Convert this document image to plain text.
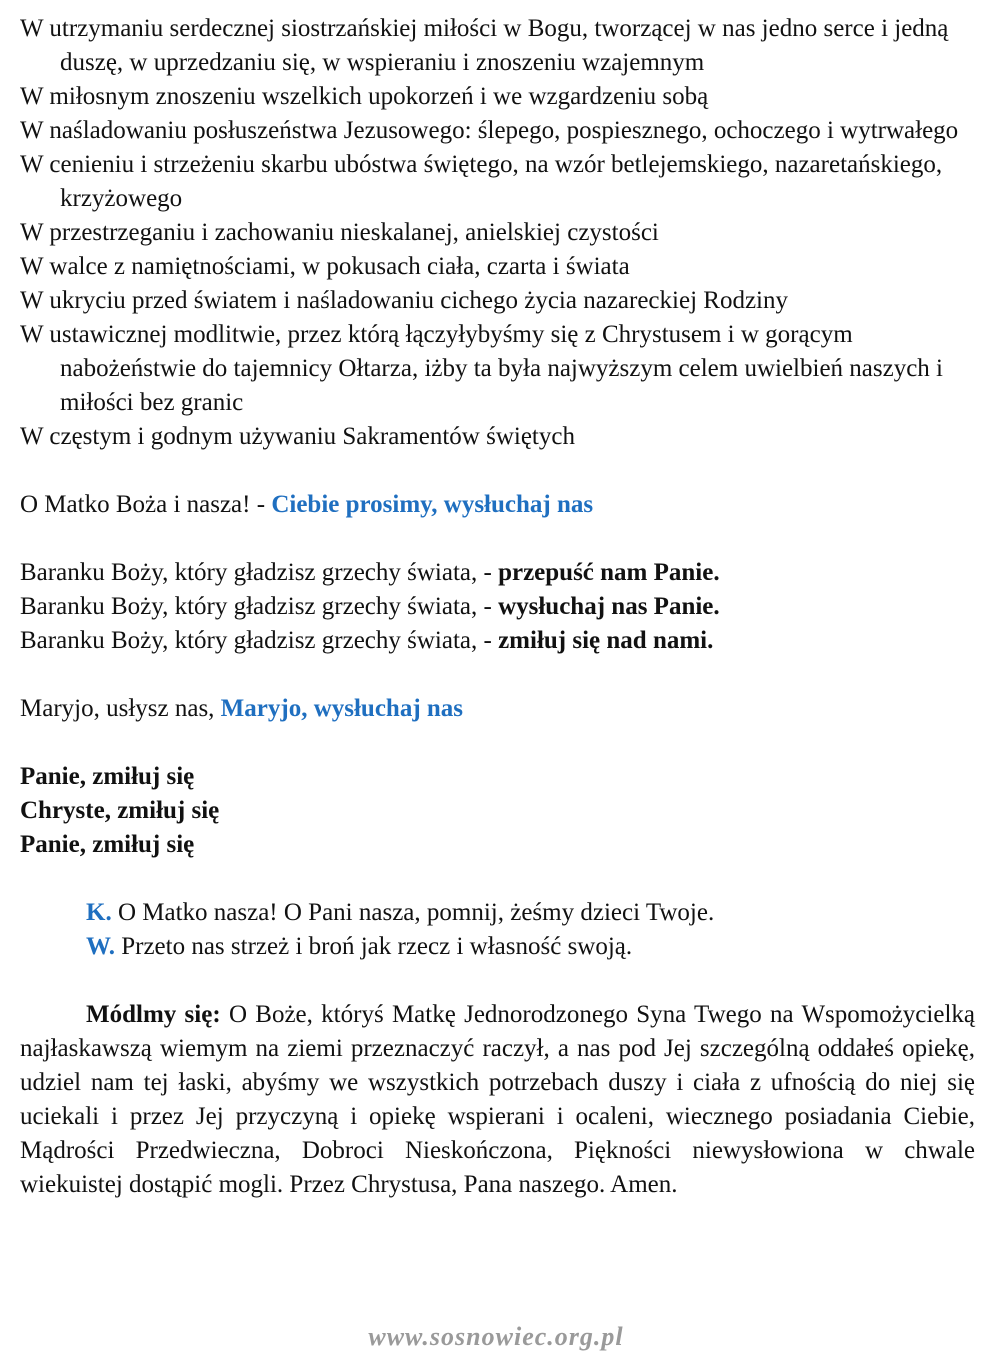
W utrzymaniu serdecznej siostrzańskiej miłości w Bogu, tworzącej w nas jedno serce i jedną duszę, w uprzedzaniu się, w wspieraniu i znoszeniu wzajemnym
W miłosnym znoszeniu wszelkich upokorzeń i we wzgardzeniu sobą
W naśladowaniu posłuszeństwa Jezusowego: ślepego, pospiesznego, ochoczego i wytrwałego
W cenieniu i strzeżeniu skarbu ubóstwa świętego, na wzór betlejemskiego, nazaretańskiego, krzyżowego
W przestrzeganiu i zachowaniu nieskalanej, anielskiej czystości
W walce z namiętnościami, w pokusach ciała, czarta i świata
W ukryciu przed światem i naśladowaniu cichego życia nazareckiej Rodziny
W ustawicznej modlitwie, przez którą łączyłybyśmy się z Chrystusem i w gorącym nabożeństwie do tajemnicy Ołtarza, iżby ta była najwyższym celem uwielbień naszych i miłości bez granic
W częstym i godnym używaniu Sakramentów świętych
O Matko Boża i nasza! - Ciebie prosimy, wysłuchaj nas
Baranku Boży, który gładzisz grzechy świata, - przepuść nam Panie.
Baranku Boży, który gładzisz grzechy świata, - wysłuchaj nas Panie.
Baranku Boży, który gładzisz grzechy świata, - zmiłuj się nad nami.
Maryjo, usłysz nas, Maryjo, wysłuchaj nas
Panie, zmiłuj się
Chryste, zmiłuj się
Panie, zmiłuj się
K. O Matko nasza! O Pani nasza, pomnij, żeśmy dzieci Twoje.
W. Przeto nas strzeż i broń jak rzecz i własność swoją.

Módlmy się: O Boże, któryś Matkę Jednorodzonego Syna Twego na Wspomożycielką najłaskawszą wiemym na ziemi przeznaczyć raczył, a nas pod Jej szczególną oddałeś opiekę, udziel nam tej łaski, abyśmy we wszystkich potrzebach duszy i ciała z ufnością do niej się uciekali i przez Jej przyczyną i opiekę wspierani i ocaleni, wiecznego posiadania Ciebie, Mądrości Przedwieczna, Dobroci Nieskończona, Piękności niewysłowiona w chwale wiekuistej dostąpić mogli. Przez Chrystusa, Pana naszego. Amen.

www.sosnowiec.org.pl
